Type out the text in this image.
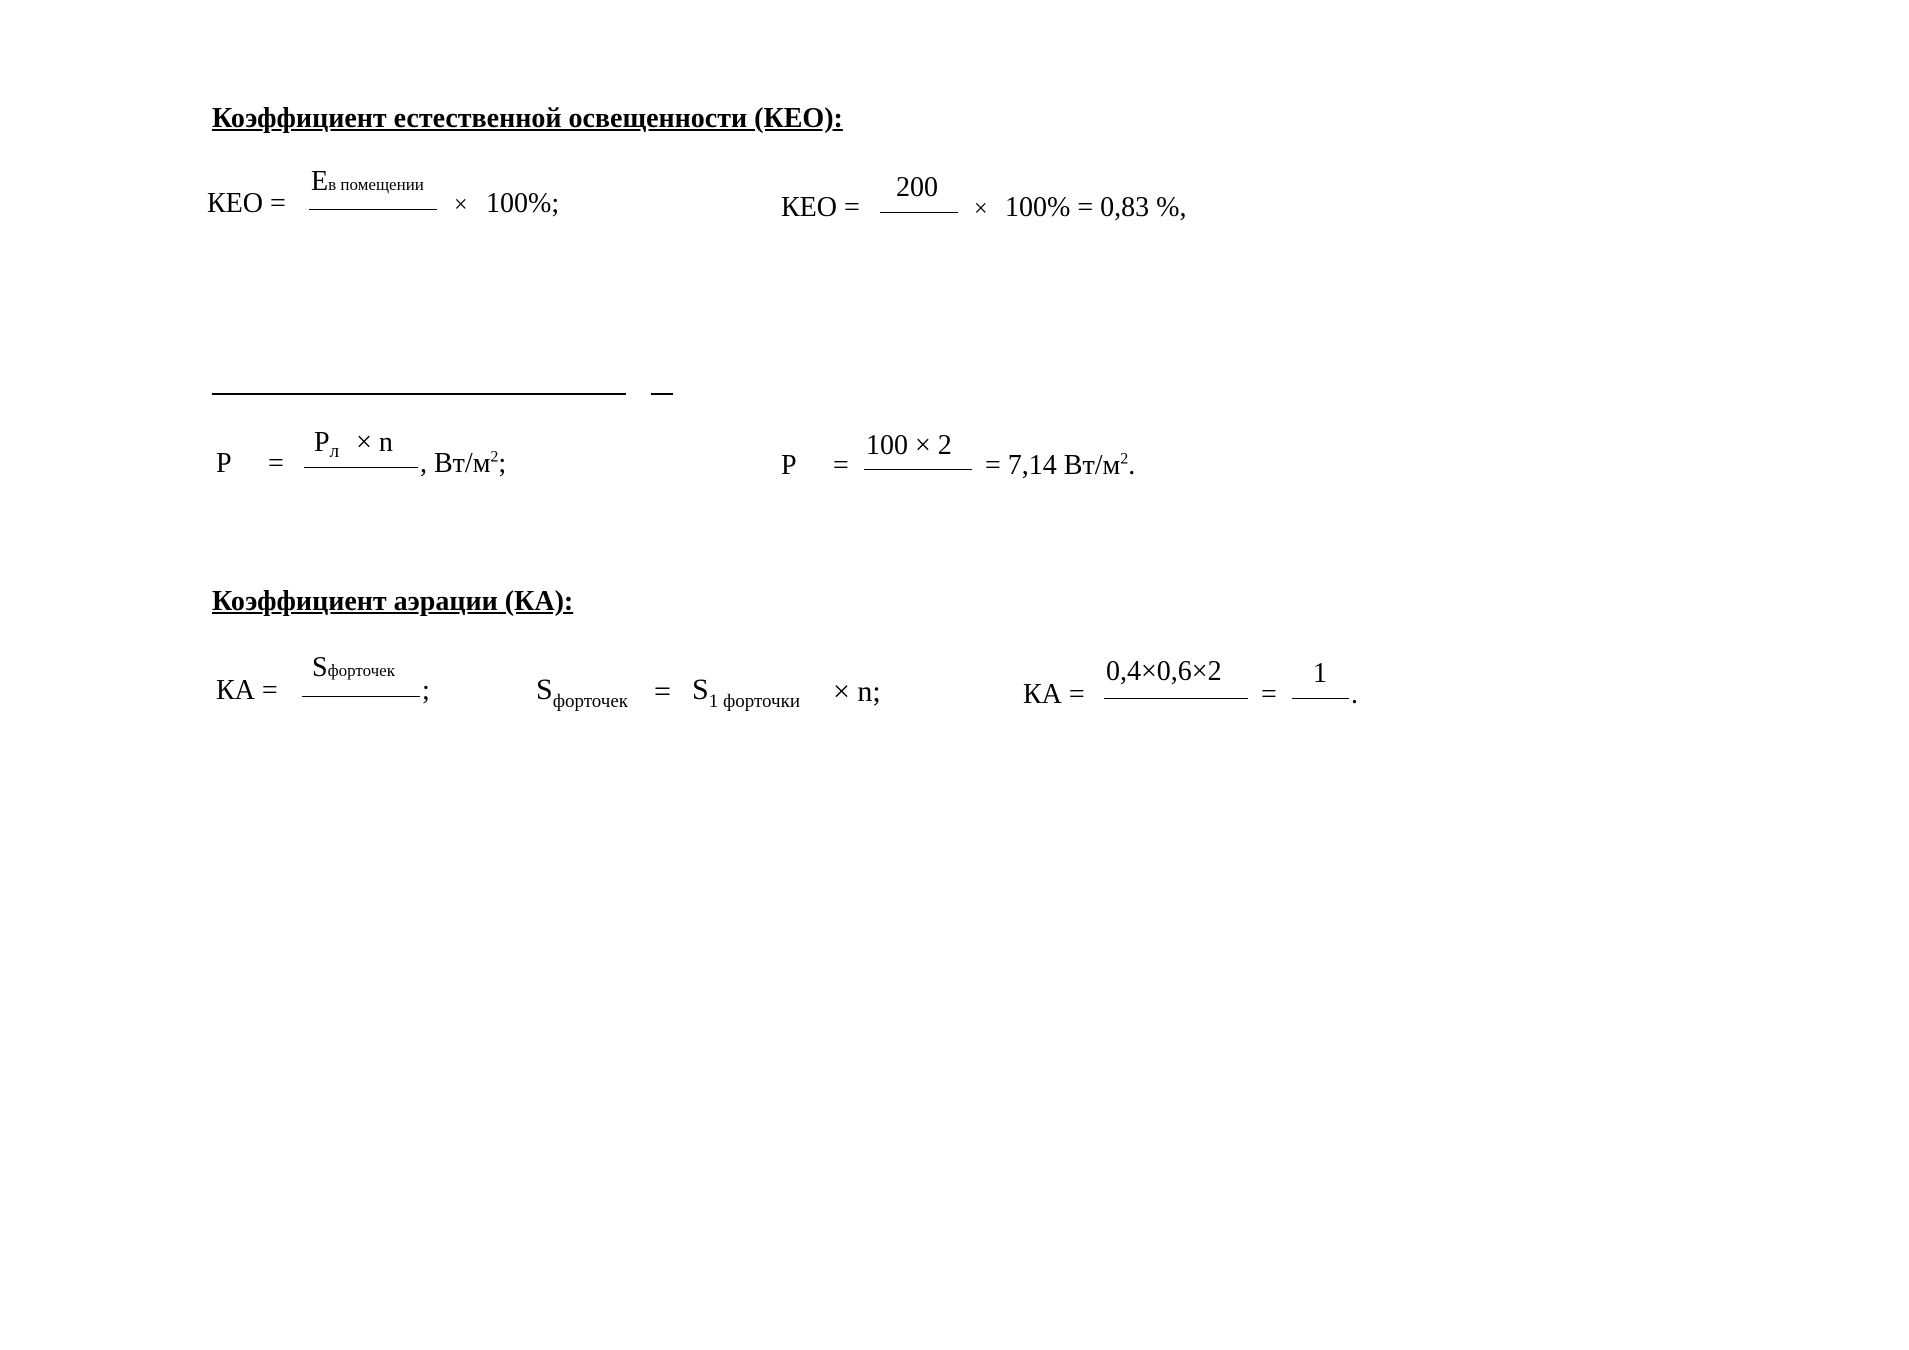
Коэффициент естественной освещенности (КЕО):
КЕО =
Ев помещении
× 100%;	КЕО =
200
× 100% = 0,83 %,
Р =
$Р_л \times n$
, $Вт/м^2$;	Р =
100 × 2
= 7,14 $Вт/м^2$.
Коэффициент аэрации (КА):
КА =
Sфорточек
;	$S_{форточек} = S_{1 форточки} \times n$;	КА =
0,4×0,6×2
=
1
.
